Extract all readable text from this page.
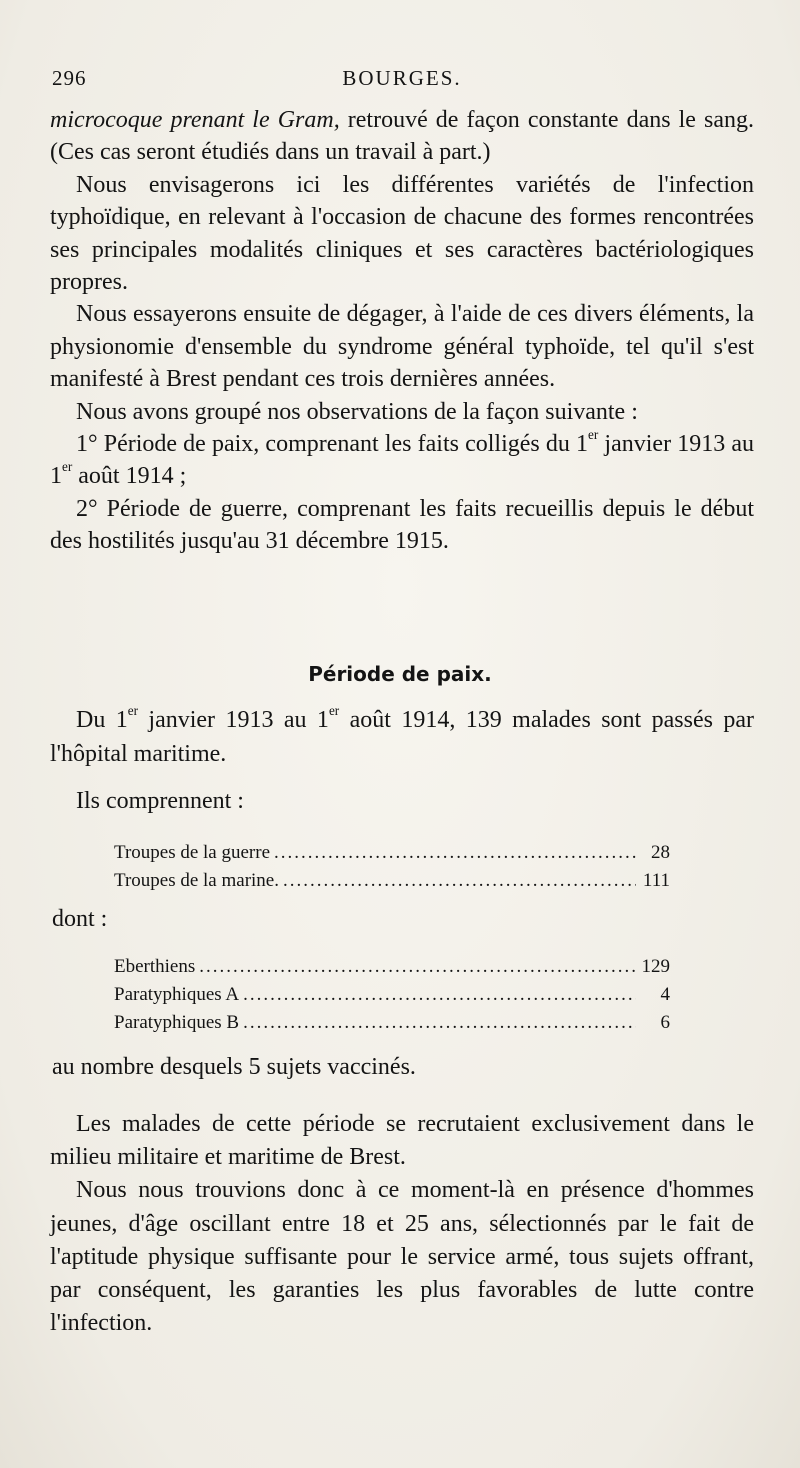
296	BOURGES.

microcoque prenant le Gram, retrouvé de façon constante dans le sang. (Ces cas seront étudiés dans un travail à part.)

Nous envisagerons ici les différentes variétés de l'infection typhoïdique, en relevant à l'occasion de chacune des formes rencontrées ses principales modalités cliniques et ses caractères bactériologiques propres.

Nous essayerons ensuite de dégager, à l'aide de ces divers éléments, la physionomie d'ensemble du syndrome général typhoïde, tel qu'il s'est manifesté à Brest pendant ces trois dernières années.

Nous avons groupé nos observations de la façon suivante :

1° Période de paix, comprenant les faits colligés du 1er janvier 1913 au 1er août 1914 ;

2° Période de guerre, comprenant les faits recueillis depuis le début des hostilités jusqu'au 31 décembre 1915.

Période de paix.

Du 1er janvier 1913 au 1er août 1914, 139 malades sont passés par l'hôpital maritime.

Ils comprennent :
Troupes de la guerre .....	28
Troupes de la marine. .....	111
dont :
Eberthiens .....	129
Paratyphiques A .....	4
Paratyphiques B .....	6
au nombre desquels 5 sujets vaccinés.

Les malades de cette période se recrutaient exclusivement dans le milieu militaire et maritime de Brest.

Nous nous trouvions donc à ce moment-là en présence d'hommes jeunes, d'âge oscillant entre 18 et 25 ans, sélectionnés par le fait de l'aptitude physique suffisante pour le service armé, tous sujets offrant, par conséquent, les garanties les plus favorables de lutte contre l'infection.
